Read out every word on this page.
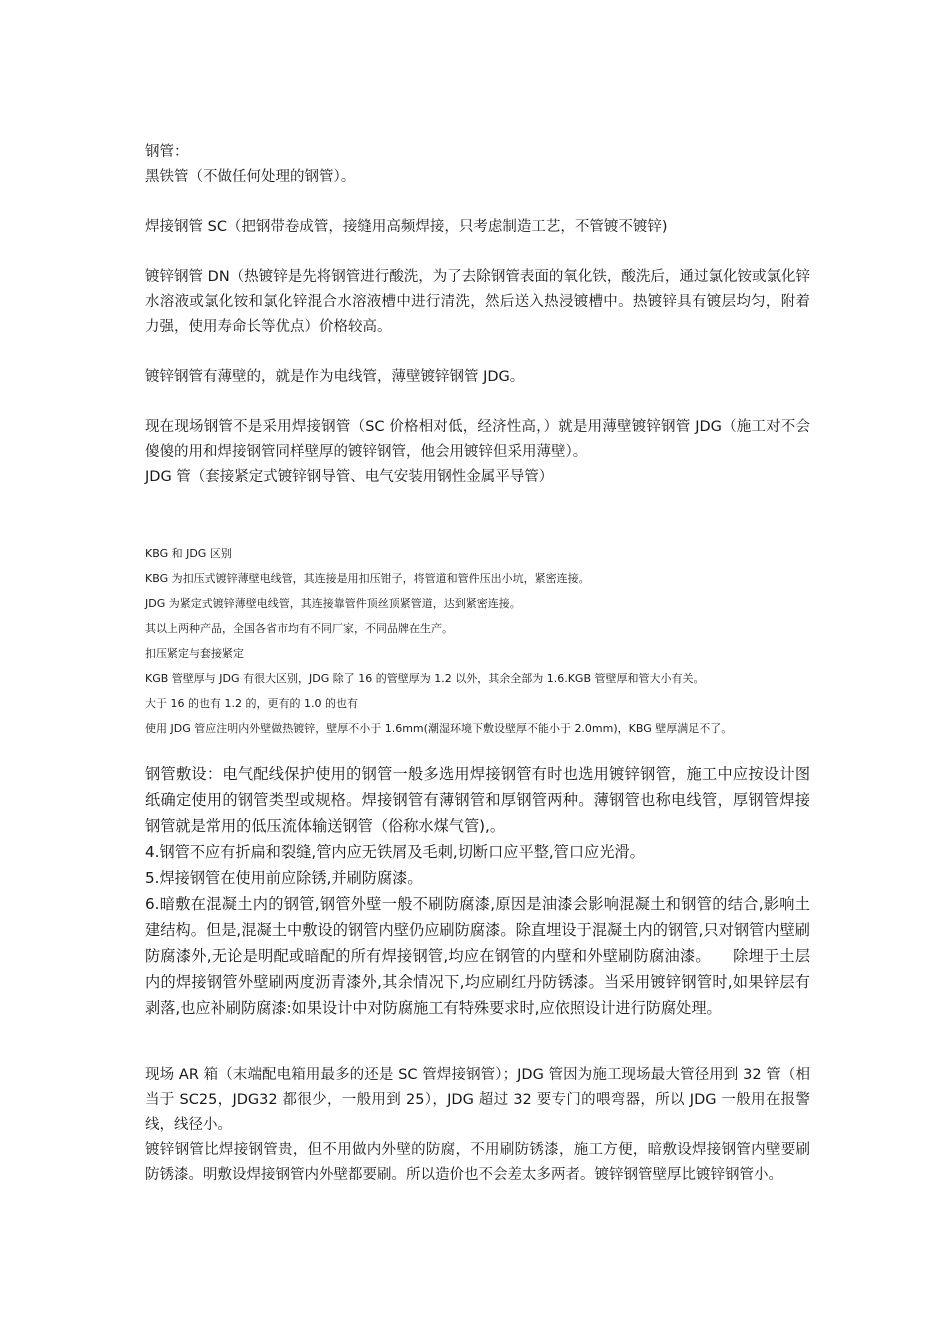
钢管：

黑铁管（不做任何处理的钢管）。

焊接钢管 SC（把钢带卷成管，接缝用高频焊接，只考虑制造工艺，不管镀不镀锌)

镀锌钢管 DN（热镀锌是先将钢管进行酸洗，为了去除钢管表面的氧化铁，酸洗后，通过氯化铵或氯化锌水溶液或氯化铵和氯化锌混合水溶液槽中进行清洗，然后送入热浸镀槽中。热镀锌具有镀层均匀，附着力强，使用寿命长等优点）价格较高。

镀锌钢管有薄壁的，就是作为电线管，薄壁镀锌钢管 JDG。

现在现场钢管不是采用焊接钢管（SC 价格相对低，经济性高，）就是用薄壁镀锌钢管 JDG（施工对不会傻傻的用和焊接钢管同样壁厚的镀锌钢管，他会用镀锌但采用薄壁）。

JDG 管（套接紧定式镀锌钢导管、电气安装用钢性金属平导管）

KBG 和 JDG 区别

KBG 为扣压式镀锌薄壁电线管，其连接是用扣压钳子，将管道和管件压出小坑，紧密连接。

JDG 为紧定式镀锌薄壁电线管，其连接靠管件顶丝顶紧管道，达到紧密连接。

其以上两种产品，全国各省市均有不同厂家，不同品牌在生产。

扣压紧定与套接紧定

KGB 管壁厚与 JDG 有很大区别，JDG 除了 16 的管壁厚为 1.2 以外，其余全部为 1.6.KGB 管壁厚和管大小有关。

大于 16 的也有 1.2 的，更有的 1.0 的也有

使用 JDG 管应注明内外壁做热镀锌，壁厚不小于 1.6mm(潮湿环境下敷设壁厚不能小于 2.0mm)，KBG 壁厚满足不了。

钢管敷设：电气配线保护使用的钢管一般多选用焊接钢管有时也选用镀锌钢管，施工中应按设计图纸确定使用的钢管类型或规格。焊接钢管有薄钢管和厚钢管两种。薄钢管也称电线管，厚钢管焊接钢管就是常用的低压流体输送钢管（俗称水煤气管),。

4.钢管不应有折扁和裂缝,管内应无铁屑及毛刺,切断口应平整,管口应光滑。

5.焊接钢管在使用前应除锈,并刷防腐漆。

6.暗敷在混凝土内的钢管,钢管外壁一般不刷防腐漆,原因是油漆会影响混凝土和钢管的结合,影响土建结构。但是,混凝土中敷设的钢管内壁仍应刷防腐漆。除直埋设于混凝土内的钢管,只对钢管内壁刷防腐漆外,无论是明配或暗配的所有焊接钢管,均应在钢管的内壁和外壁刷防腐油漆。 除埋于土层内的焊接钢管外壁刷两度沥青漆外,其余情况下,均应刷红丹防锈漆。当采用镀锌钢管时,如果锌层有剥落,也应补刷防腐漆:如果设计中对防腐施工有特殊要求时,应依照设计进行防腐处理。

现场 AR 箱（末端配电箱用最多的还是 SC 管焊接钢管）；JDG 管因为施工现场最大管径用到 32 管（相当于 SC25，JDG32 都很少，一般用到 25），JDG 超过 32 要专门的喂弯器，所以 JDG 一般用在报警线，线径小。

镀锌钢管比焊接钢管贵，但不用做内外壁的防腐，不用刷防锈漆，施工方便，暗敷设焊接钢管内壁要刷防锈漆。明敷设焊接钢管内外壁都要刷。所以造价也不会差太多两者。镀锌钢管壁厚比镀锌钢管小。
